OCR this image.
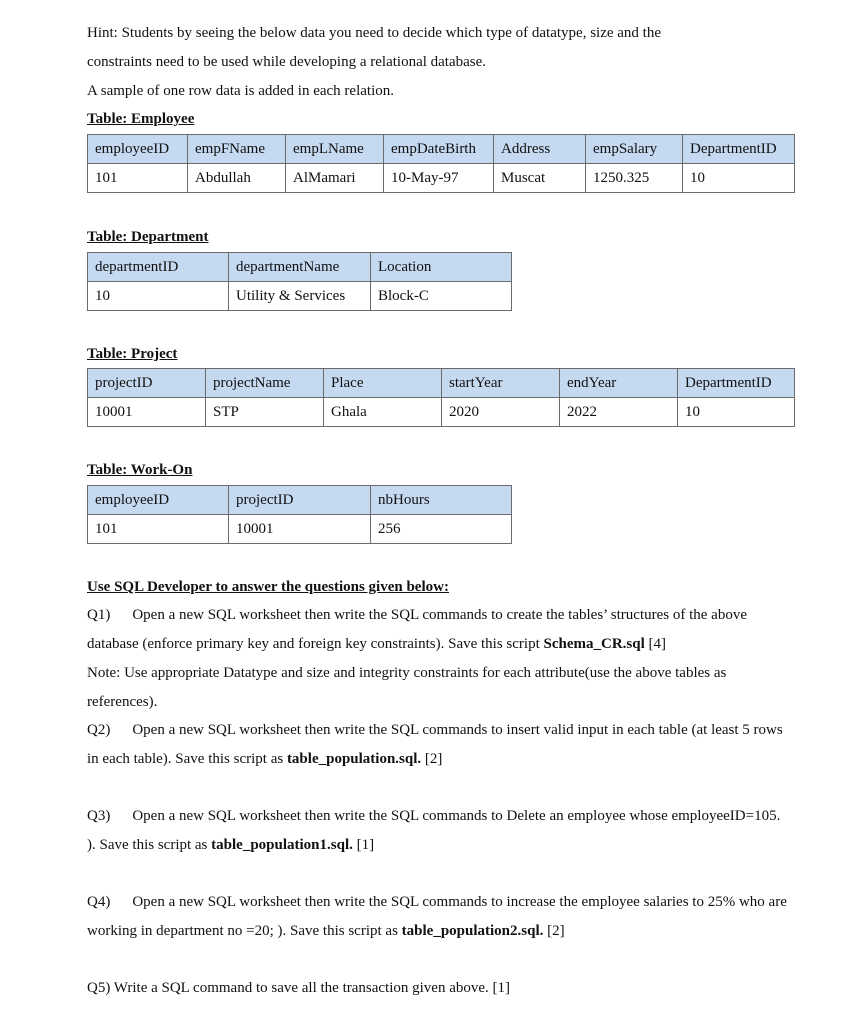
Hint: Students by seeing the below data you need to decide which type of datatype, size and the
constraints need to be used while developing a relational database.
A sample of one row data is added in each relation.
Table: Employee
employeeID	empFName	empLName	empDateBirth	Address	empSalary	DepartmentID
101	Abdullah	AlMamari	10-May-97	Muscat	1250.325	10
Table: Department
departmentID	departmentName	Location
10	Utility & Services	Block-C
Table: Project
projectID	projectName	Place	startYear	endYear	DepartmentID
10001	STP	Ghala	2020	2022	10
Table: Work-On
employeeID	projectID	nbHours
101	10001	256
Use SQL Developer to answer the questions given below:
Q1) Open a new SQL worksheet then write the SQL commands to create the tables’ structures of the above database (enforce primary key and foreign key constraints). Save this script Schema_CR.sql [4]
Note: Use appropriate Datatype and size and integrity constraints for each attribute(use the above tables as references).
Q2) Open a new SQL worksheet then write the SQL commands to insert valid input in each table (at least 5 rows in each table). Save this script as table_population.sql. [2]
Q3) Open a new SQL worksheet then write the SQL commands to Delete an employee whose employeeID=105. ). Save this script as table_population1.sql. [1]
Q4) Open a new SQL worksheet then write the SQL commands to increase the employee salaries to 25% who are working in department no =20; ). Save this script as table_population2.sql. [2]
Q5) Write a SQL command to save all the transaction given above. [1]
